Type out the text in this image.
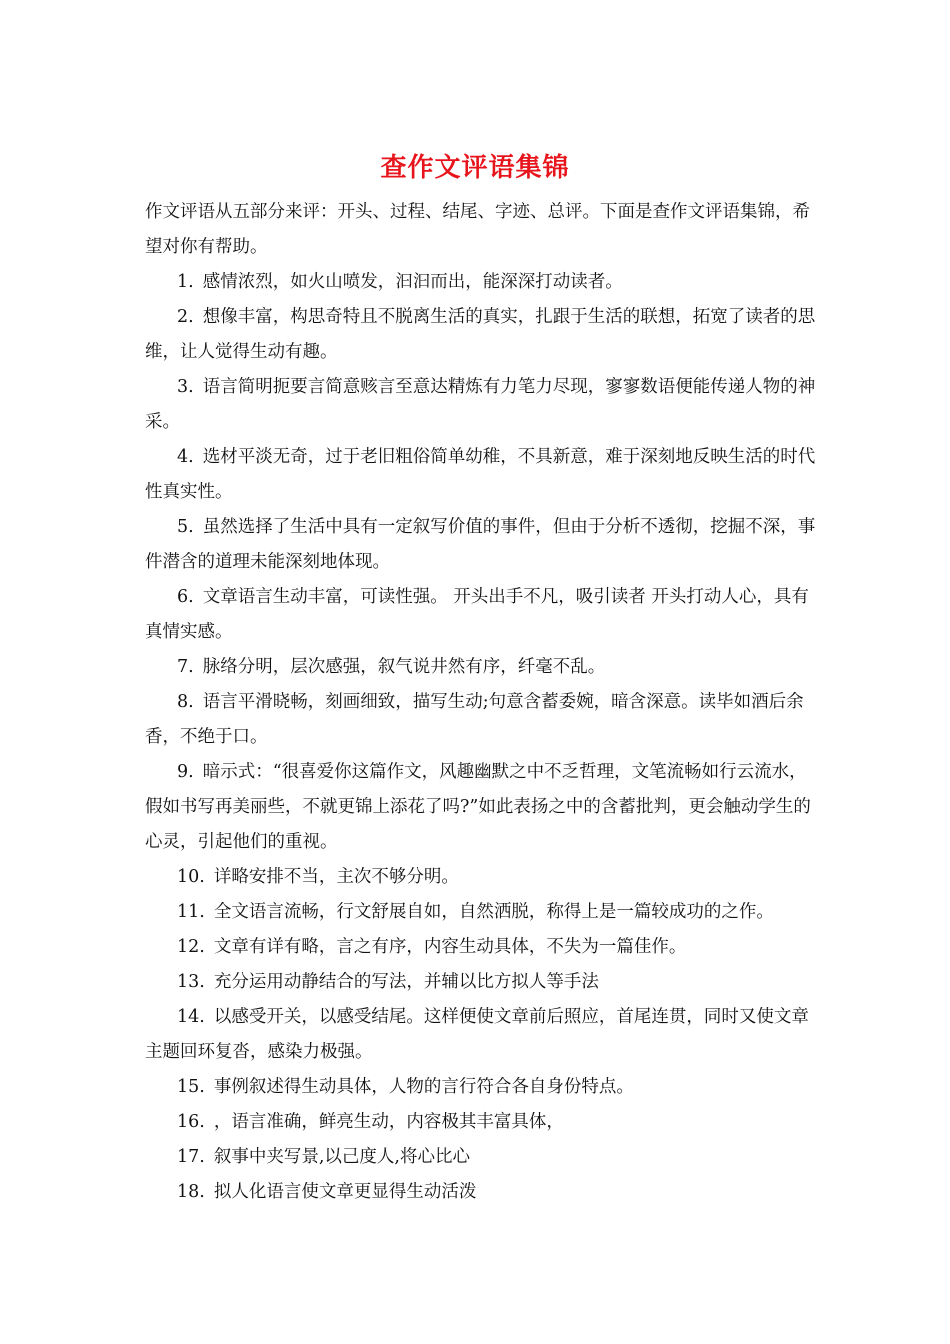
查作文评语集锦

作文评语从五部分来评：开头、过程、结尾、字迹、总评。下面是查作文评语集锦，希望对你有帮助。

1. 感情浓烈，如火山喷发，汩汩而出，能深深打动读者。

2. 想像丰富，构思奇特且不脱离生活的真实，扎跟于生活的联想，拓宽了读者的思维，让人觉得生动有趣。

3. 语言简明扼要言简意赅言至意达精炼有力笔力尽现，寥寥数语便能传递人物的神采。

4. 选材平淡无奇，过于老旧粗俗简单幼稚，不具新意，难于深刻地反映生活的时代性真实性。

5. 虽然选择了生活中具有一定叙写价值的事件，但由于分析不透彻，挖掘不深，事件潜含的道理未能深刻地体现。

6. 文章语言生动丰富，可读性强。 开头出手不凡，吸引读者 开头打动人心，具有真情实感。

7. 脉络分明，层次感强，叙气说井然有序，纤毫不乱。

8. 语言平滑晓畅，刻画细致，描写生动;句意含蓄委婉，暗含深意。读毕如酒后余香，不绝于口。

9. 暗示式：“很喜爱你这篇作文，风趣幽默之中不乏哲理，文笔流畅如行云流水，假如书写再美丽些，不就更锦上添花了吗?”如此表扬之中的含蓄批判，更会触动学生的心灵，引起他们的重视。

10. 详略安排不当，主次不够分明。

11. 全文语言流畅，行文舒展自如，自然洒脱，称得上是一篇较成功的之作。

12. 文章有详有略，言之有序，内容生动具体，不失为一篇佳作。

13. 充分运用动静结合的写法，并辅以比方拟人等手法

14. 以感受开关，以感受结尾。这样便使文章前后照应，首尾连贯，同时又使文章主题回环复沓，感染力极强。

15. 事例叙述得生动具体，人物的言行符合各自身份特点。

16. ，语言准确，鲜亮生动，内容极其丰富具体，

17. 叙事中夹写景,以己度人,将心比心

18. 拟人化语言使文章更显得生动活泼
